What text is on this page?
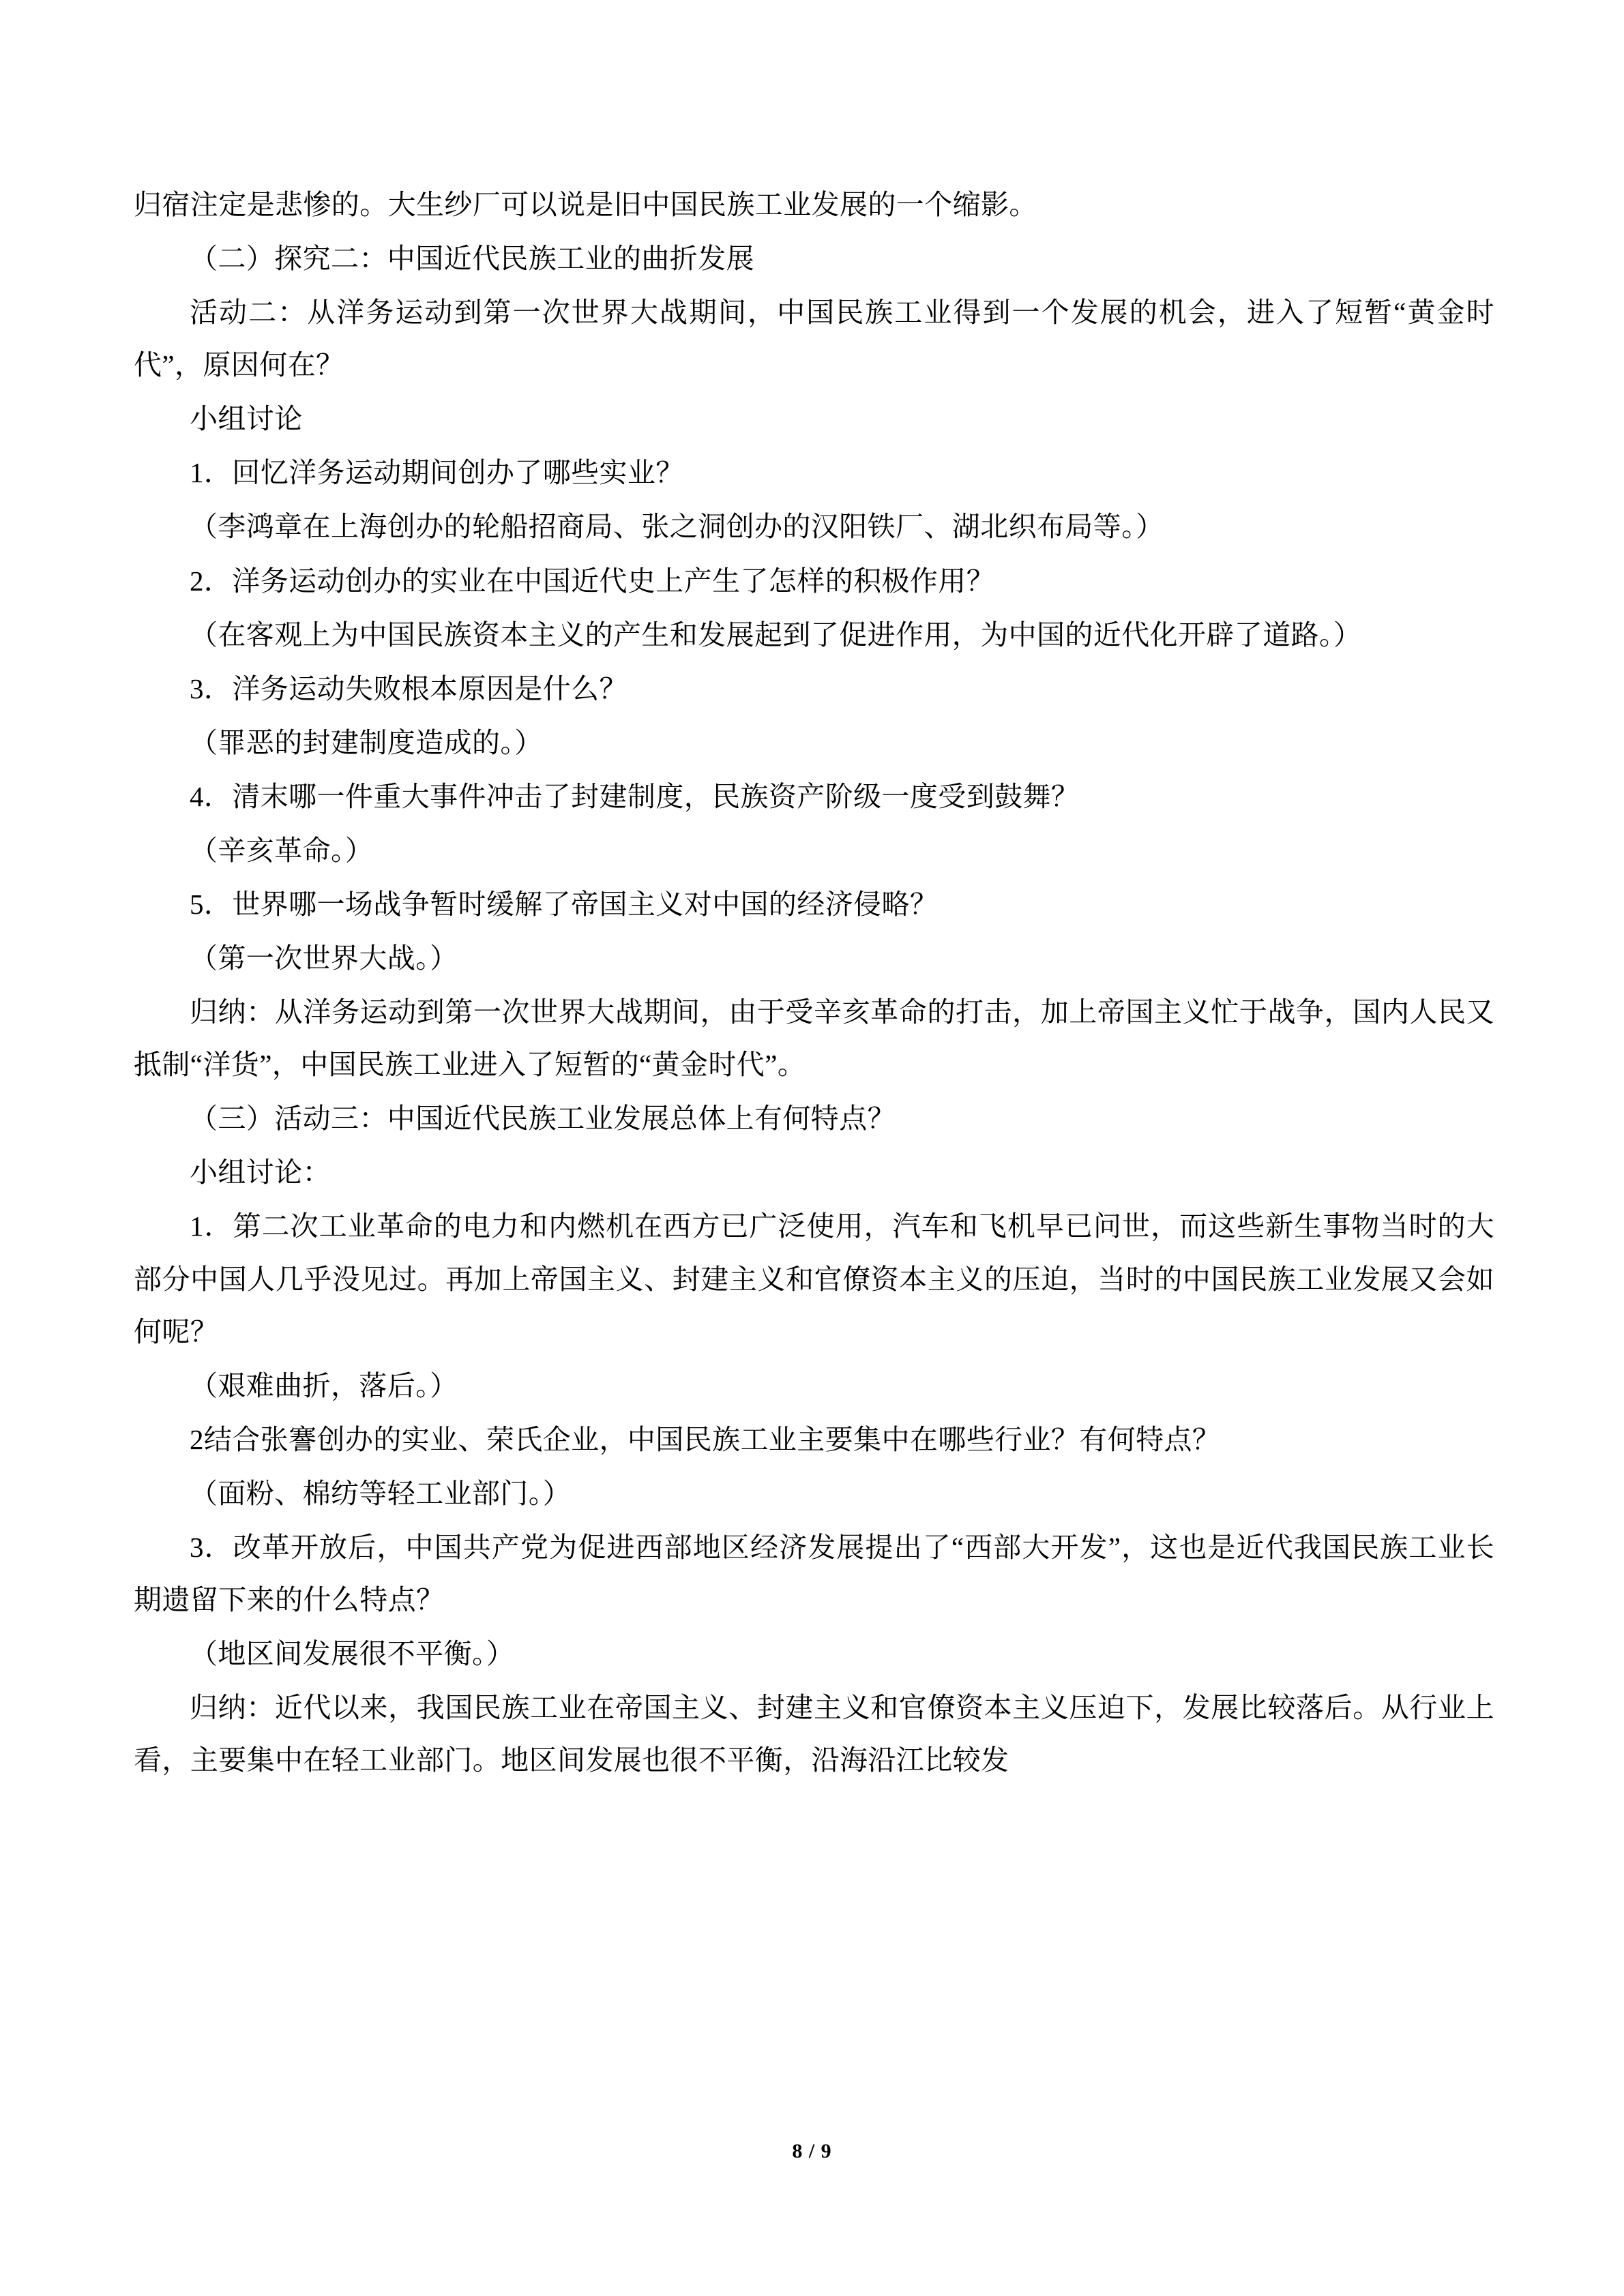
归宿注定是悲惨的。大生纱厂可以说是旧中国民族工业发展的一个缩影。

（二）探究二：中国近代民族工业的曲折发展

活动二：从洋务运动到第一次世界大战期间，中国民族工业得到一个发展的机会，进入了短暂“黄金时代”，原因何在？

小组讨论

1．回忆洋务运动期间创办了哪些实业？

（李鸿章在上海创办的轮船招商局、张之洞创办的汉阳铁厂、湖北织布局等。）

2．洋务运动创办的实业在中国近代史上产生了怎样的积极作用？

（在客观上为中国民族资本主义的产生和发展起到了促进作用，为中国的近代化开辟了道路。）

3．洋务运动失败根本原因是什么？

（罪恶的封建制度造成的。）

4．清末哪一件重大事件冲击了封建制度，民族资产阶级一度受到鼓舞？

（辛亥革命。）

5．世界哪一场战争暂时缓解了帝国主义对中国的经济侵略？

（第一次世界大战。）

归纳：从洋务运动到第一次世界大战期间，由于受辛亥革命的打击，加上帝国主义忙于战争，国内人民又抵制“洋货”，中国民族工业进入了短暂的“黄金时代”。

（三）活动三：中国近代民族工业发展总体上有何特点？

小组讨论：

1．第二次工业革命的电力和内燃机在西方已广泛使用，汽车和飞机早已问世，而这些新生事物当时的大部分中国人几乎没见过。再加上帝国主义、封建主义和官僚资本主义的压迫，当时的中国民族工业发展又会如何呢？

（艰难曲折，落后。）

2结合张謇创办的实业、荣氏企业，中国民族工业主要集中在哪些行业？有何特点？

（面粉、棉纺等轻工业部门。）

3．改革开放后，中国共产党为促进西部地区经济发展提出了“西部大开发”，这也是近代我国民族工业长期遗留下来的什么特点？

（地区间发展很不平衡。）

归纳：近代以来，我国民族工业在帝国主义、封建主义和官僚资本主义压迫下，发展比较落后。从行业上看，主要集中在轻工业部门。地区间发展也很不平衡，沿海沿江比较发

8 / 9
